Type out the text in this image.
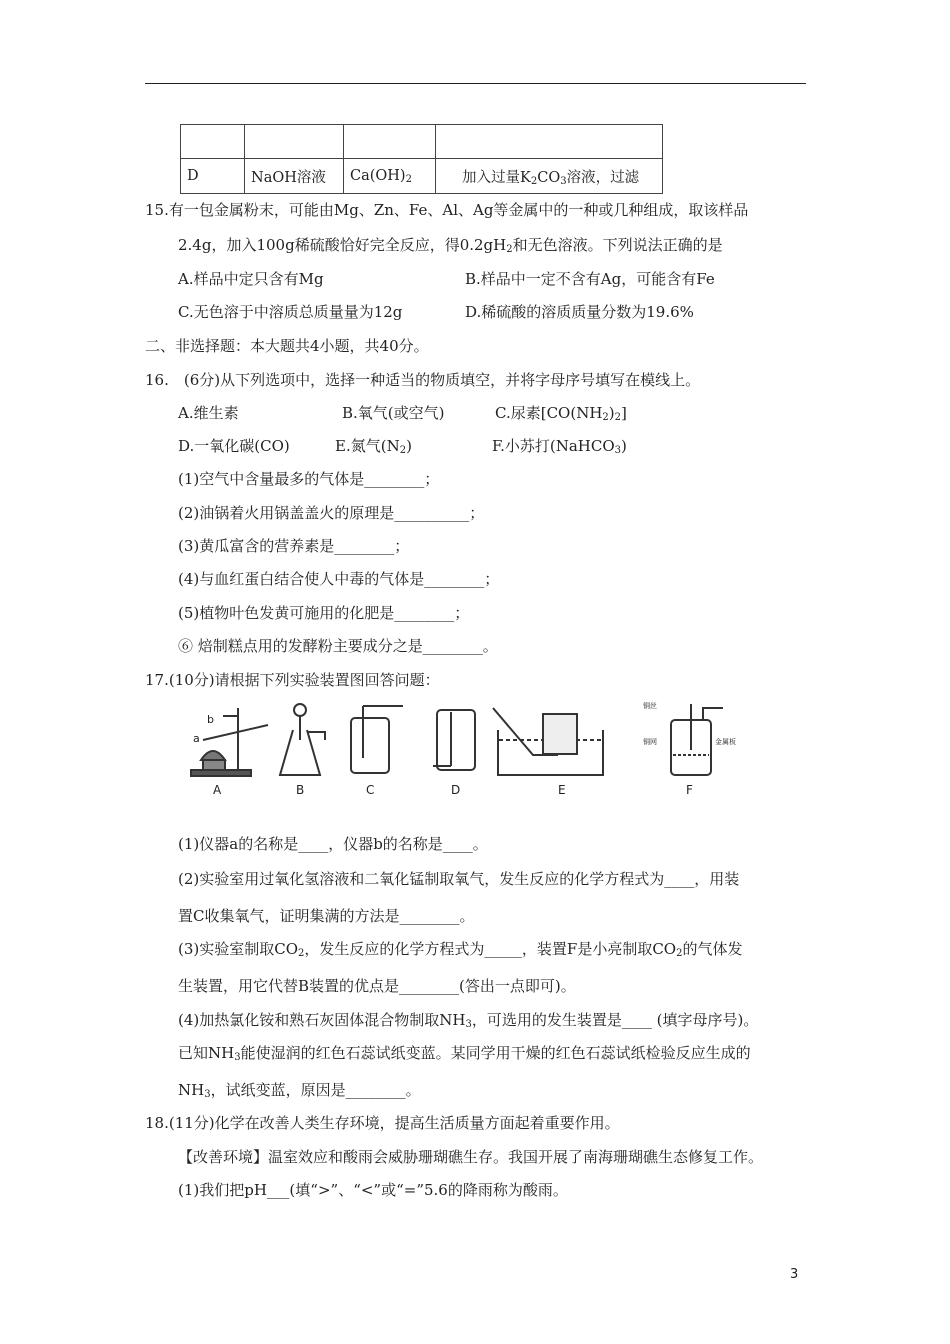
D	NaOH溶液	$Ca(OH)_2$	加入过量$K_2CO_3$溶液，过滤
15.有一包金属粉末，可能由Mg、Zn、Fe、Al、Ag等金属中的一种或几种组成，取该样品
2.4g，加入100g稀硫酸恰好完全反应，得$0.2gH_2$和无色溶液。下列说法正确的是
A.样品中定只含有Mg	B.样品中一定不含有Ag，可能含有Fe
C.无色溶于中溶质总质量量为12g	D.稀硫酸的溶质质量分数为19.6%
二、非选择题：本大题共4小题，共40分。
16.　(6分)从下列选项中，选择一种适当的物质填空，并将字母序号填写在模线上。
A.维生素	B.氧气(或空气)	C.尿素$[CO(NH_2)_2]$
D.一氧化碳(CO)	E.氮气$(N_2)$	F.小苏打(NaHCO$_3$)
(1)空气中含量最多的气体是________；
(2)油锅着火用锅盖盖火的原理是__________；
(3)黄瓜富含的营养素是________；
(4)与血红蛋白结合使人中毒的气体是________；
(5)植物叶色发黄可施用的化肥是________；
⑥ 焙制糕点用的发酵粉主要成分之是________。
17.(10分)请根据下列实验装置图回答问题：
b
a
铜丝
铜网	金属板
A	B	C	D	E	F
(1)仪器a的名称是____，仪器b的名称是____。
(2)实验室用过氧化氢溶液和二氧化锰制取氧气，发生反应的化学方程式为____，用装
置C收集氧气，证明集满的方法是________。
(3)实验室制取$CO_2$，发生反应的化学方程式为_____，装置F是小亮制取$CO_2$的气体发
生装置，用它代替B装置的优点是________(答出一点即可)。
(4)加热氯化铵和熟石灰固体混合物制取$NH_3$，可选用的发生装置是____ (填字母序号)。
已知$NH_3$能使湿润的红色石蕊试纸变蓝。某同学用干燥的红色石蕊试纸检验反应生成的
$NH_3$，试纸变蓝，原因是________。
18.(11分)化学在改善人类生存环境，提高生活质量方面起着重要作用。
【改善环境】温室效应和酸雨会威胁珊瑚礁生存。我国开展了南海珊瑚礁生态修复工作。
(1)我们把pH___(填“>”、“<”或“=”5.6的降雨称为酸雨。
3
